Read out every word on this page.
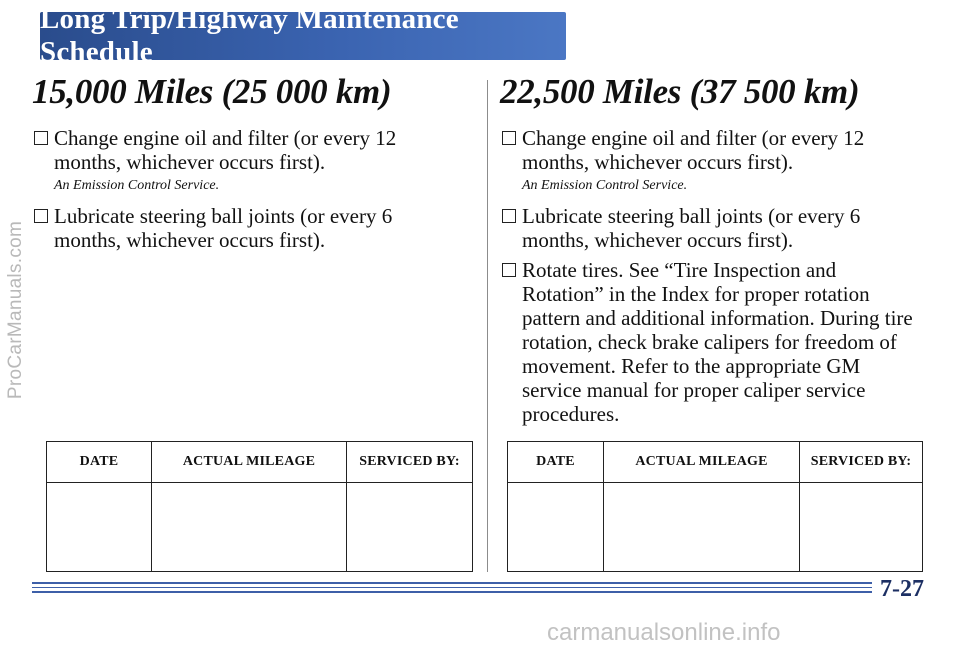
ProCarManuals.com
Long Trip/Highway Maintenance Schedule
15,000 Miles (25 000 km)
Change engine oil and filter (or every 12 months, whichever occurs first).
An Emission Control Service.
Lubricate steering ball joints (or every 6 months, whichever occurs first).
22,500 Miles (37 500 km)
Change engine oil and filter (or every 12 months, whichever occurs first).
An Emission Control Service.
Lubricate steering ball joints (or every 6 months, whichever occurs first).
Rotate tires. See “Tire Inspection and Rotation” in the Index for proper rotation pattern and additional information. During tire rotation, check brake calipers for freedom of movement. Refer to the appropriate GM service manual for proper caliper service procedures.
DATE	ACTUAL MILEAGE	SERVICED BY:
			DATE	ACTUAL MILEAGE	SERVICED BY:

7-27
carmanualsonline.info
